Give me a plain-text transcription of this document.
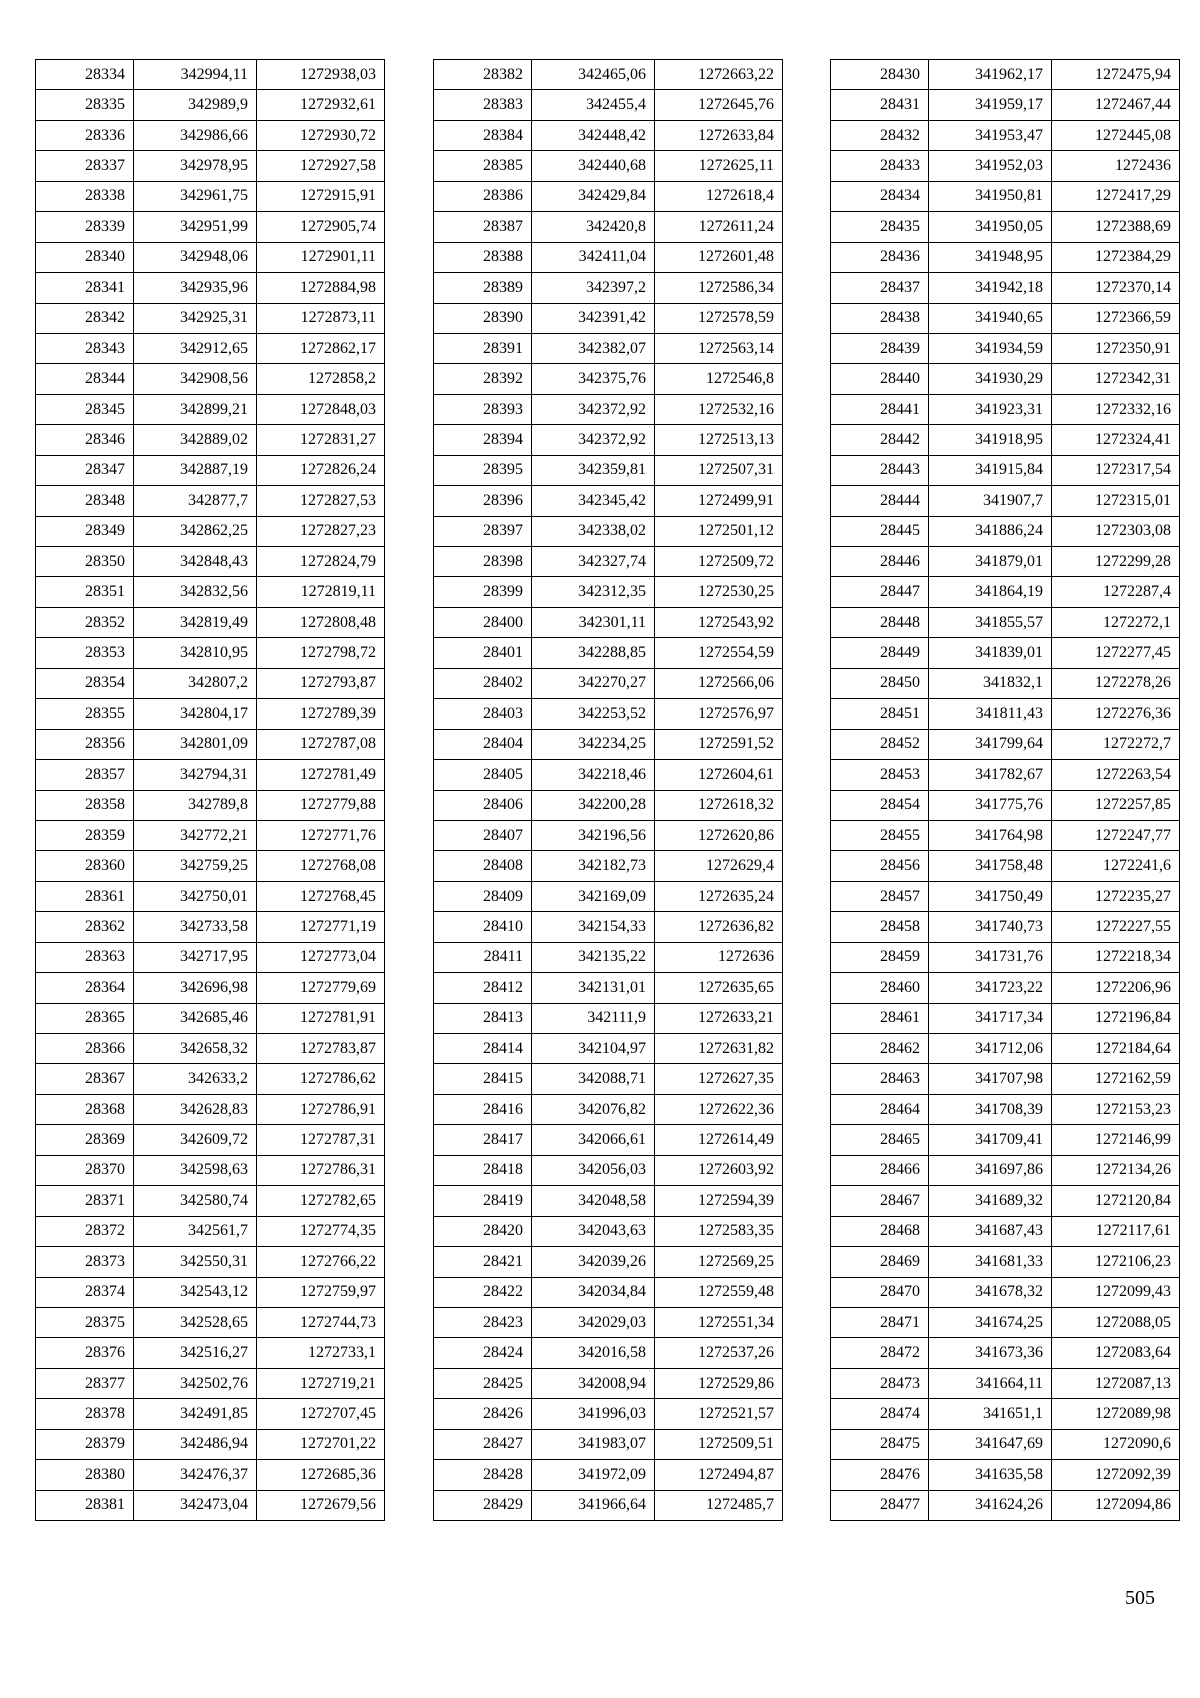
28334	342994,11	1272938,03
28335	342989,9	1272932,61
28336	342986,66	1272930,72
28337	342978,95	1272927,58
28338	342961,75	1272915,91
28339	342951,99	1272905,74
28340	342948,06	1272901,11
28341	342935,96	1272884,98
28342	342925,31	1272873,11
28343	342912,65	1272862,17
28344	342908,56	1272858,2
28345	342899,21	1272848,03
28346	342889,02	1272831,27
28347	342887,19	1272826,24
28348	342877,7	1272827,53
28349	342862,25	1272827,23
28350	342848,43	1272824,79
28351	342832,56	1272819,11
28352	342819,49	1272808,48
28353	342810,95	1272798,72
28354	342807,2	1272793,87
28355	342804,17	1272789,39
28356	342801,09	1272787,08
28357	342794,31	1272781,49
28358	342789,8	1272779,88
28359	342772,21	1272771,76
28360	342759,25	1272768,08
28361	342750,01	1272768,45
28362	342733,58	1272771,19
28363	342717,95	1272773,04
28364	342696,98	1272779,69
28365	342685,46	1272781,91
28366	342658,32	1272783,87
28367	342633,2	1272786,62
28368	342628,83	1272786,91
28369	342609,72	1272787,31
28370	342598,63	1272786,31
28371	342580,74	1272782,65
28372	342561,7	1272774,35
28373	342550,31	1272766,22
28374	342543,12	1272759,97
28375	342528,65	1272744,73
28376	342516,27	1272733,1
28377	342502,76	1272719,21
28378	342491,85	1272707,45
28379	342486,94	1272701,22
28380	342476,37	1272685,36
28381	342473,04	1272679,56
28382	342465,06	1272663,22
28383	342455,4	1272645,76
28384	342448,42	1272633,84
28385	342440,68	1272625,11
28386	342429,84	1272618,4
28387	342420,8	1272611,24
28388	342411,04	1272601,48
28389	342397,2	1272586,34
28390	342391,42	1272578,59
28391	342382,07	1272563,14
28392	342375,76	1272546,8
28393	342372,92	1272532,16
28394	342372,92	1272513,13
28395	342359,81	1272507,31
28396	342345,42	1272499,91
28397	342338,02	1272501,12
28398	342327,74	1272509,72
28399	342312,35	1272530,25
28400	342301,11	1272543,92
28401	342288,85	1272554,59
28402	342270,27	1272566,06
28403	342253,52	1272576,97
28404	342234,25	1272591,52
28405	342218,46	1272604,61
28406	342200,28	1272618,32
28407	342196,56	1272620,86
28408	342182,73	1272629,4
28409	342169,09	1272635,24
28410	342154,33	1272636,82
28411	342135,22	1272636
28412	342131,01	1272635,65
28413	342111,9	1272633,21
28414	342104,97	1272631,82
28415	342088,71	1272627,35
28416	342076,82	1272622,36
28417	342066,61	1272614,49
28418	342056,03	1272603,92
28419	342048,58	1272594,39
28420	342043,63	1272583,35
28421	342039,26	1272569,25
28422	342034,84	1272559,48
28423	342029,03	1272551,34
28424	342016,58	1272537,26
28425	342008,94	1272529,86
28426	341996,03	1272521,57
28427	341983,07	1272509,51
28428	341972,09	1272494,87
28429	341966,64	1272485,7
28430	341962,17	1272475,94
28431	341959,17	1272467,44
28432	341953,47	1272445,08
28433	341952,03	1272436
28434	341950,81	1272417,29
28435	341950,05	1272388,69
28436	341948,95	1272384,29
28437	341942,18	1272370,14
28438	341940,65	1272366,59
28439	341934,59	1272350,91
28440	341930,29	1272342,31
28441	341923,31	1272332,16
28442	341918,95	1272324,41
28443	341915,84	1272317,54
28444	341907,7	1272315,01
28445	341886,24	1272303,08
28446	341879,01	1272299,28
28447	341864,19	1272287,4
28448	341855,57	1272272,1
28449	341839,01	1272277,45
28450	341832,1	1272278,26
28451	341811,43	1272276,36
28452	341799,64	1272272,7
28453	341782,67	1272263,54
28454	341775,76	1272257,85
28455	341764,98	1272247,77
28456	341758,48	1272241,6
28457	341750,49	1272235,27
28458	341740,73	1272227,55
28459	341731,76	1272218,34
28460	341723,22	1272206,96
28461	341717,34	1272196,84
28462	341712,06	1272184,64
28463	341707,98	1272162,59
28464	341708,39	1272153,23
28465	341709,41	1272146,99
28466	341697,86	1272134,26
28467	341689,32	1272120,84
28468	341687,43	1272117,61
28469	341681,33	1272106,23
28470	341678,32	1272099,43
28471	341674,25	1272088,05
28472	341673,36	1272083,64
28473	341664,11	1272087,13
28474	341651,1	1272089,98
28475	341647,69	1272090,6
28476	341635,58	1272092,39
28477	341624,26	1272094,86
505
